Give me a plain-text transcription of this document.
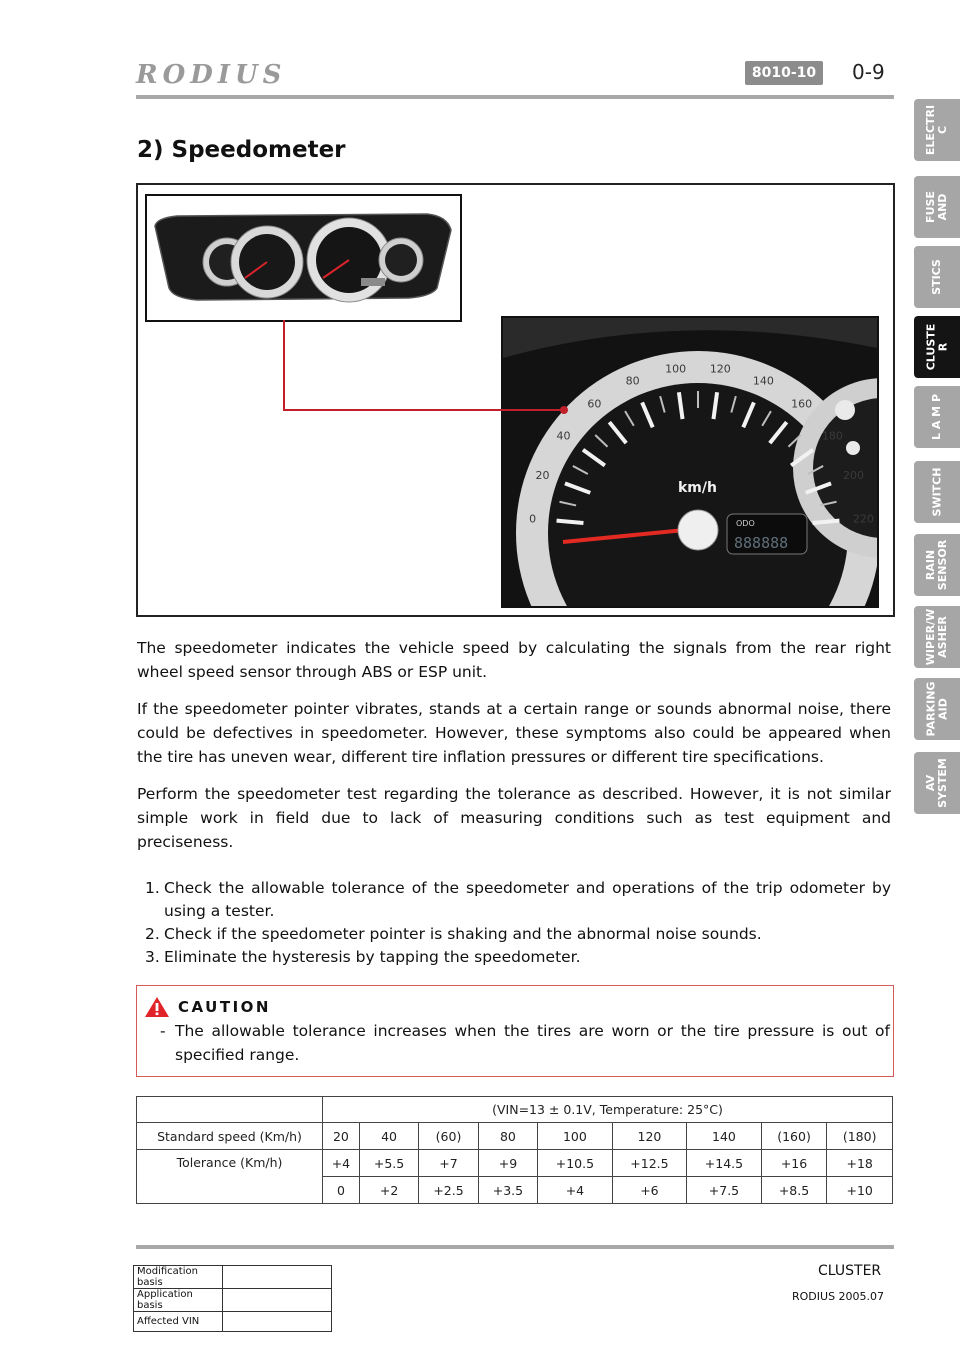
RODIUS	8010-10	0-9
ELECTRI
C
FUSE
AND
STICS
CLUSTE
R
L A M P
SWITCH
RAIN
SENSOR
WIPER/W
ASHER
PARKING
AID
AV
SYSTEM
2) Speedometer
0
20
40
60
80
100 120
140
160
180
200
220
km/h
ODO
888888
The speedometer indicates the vehicle speed by calculating the signals from the rear right wheel speed sensor through ABS or ESP unit.
If the speedometer pointer vibrates, stands at a certain range or sounds abnormal noise, there could be defectives in speedometer. However, these symptoms also could be appeared when the tire has uneven wear, different tire inflation pressures or different tire specifications.
Perform the speedometer test regarding the tolerance as described. However, it is not similar simple work in field due to lack of measuring conditions such as test equipment and preciseness.
1. Check the allowable tolerance of the speedometer and operations of the trip odometer by using a tester.
2. Check if the speedometer pointer is shaking and the abnormal noise sounds.
3. Eliminate the hysteresis by tapping the speedometer.
CAUTION
- The allowable tolerance increases when the tires are worn or the tire pressure is out of specified range.
	(VIN=13 ± 0.1V, Temperature: 25°C)								
Standard speed (Km/h)	20	40	(60)	80	100	120	140	(160)	(180)
Tolerance (Km/h)	+4	+5.5	+7	+9	+10.5	+12.5	+14.5	+16	+18
	0	+2	+2.5	+3.5	+4	+6	+7.5	+8.5	+10
CLUSTER
RODIUS 2005.07
Modification basis	
Application basis	
Affected VIN	
